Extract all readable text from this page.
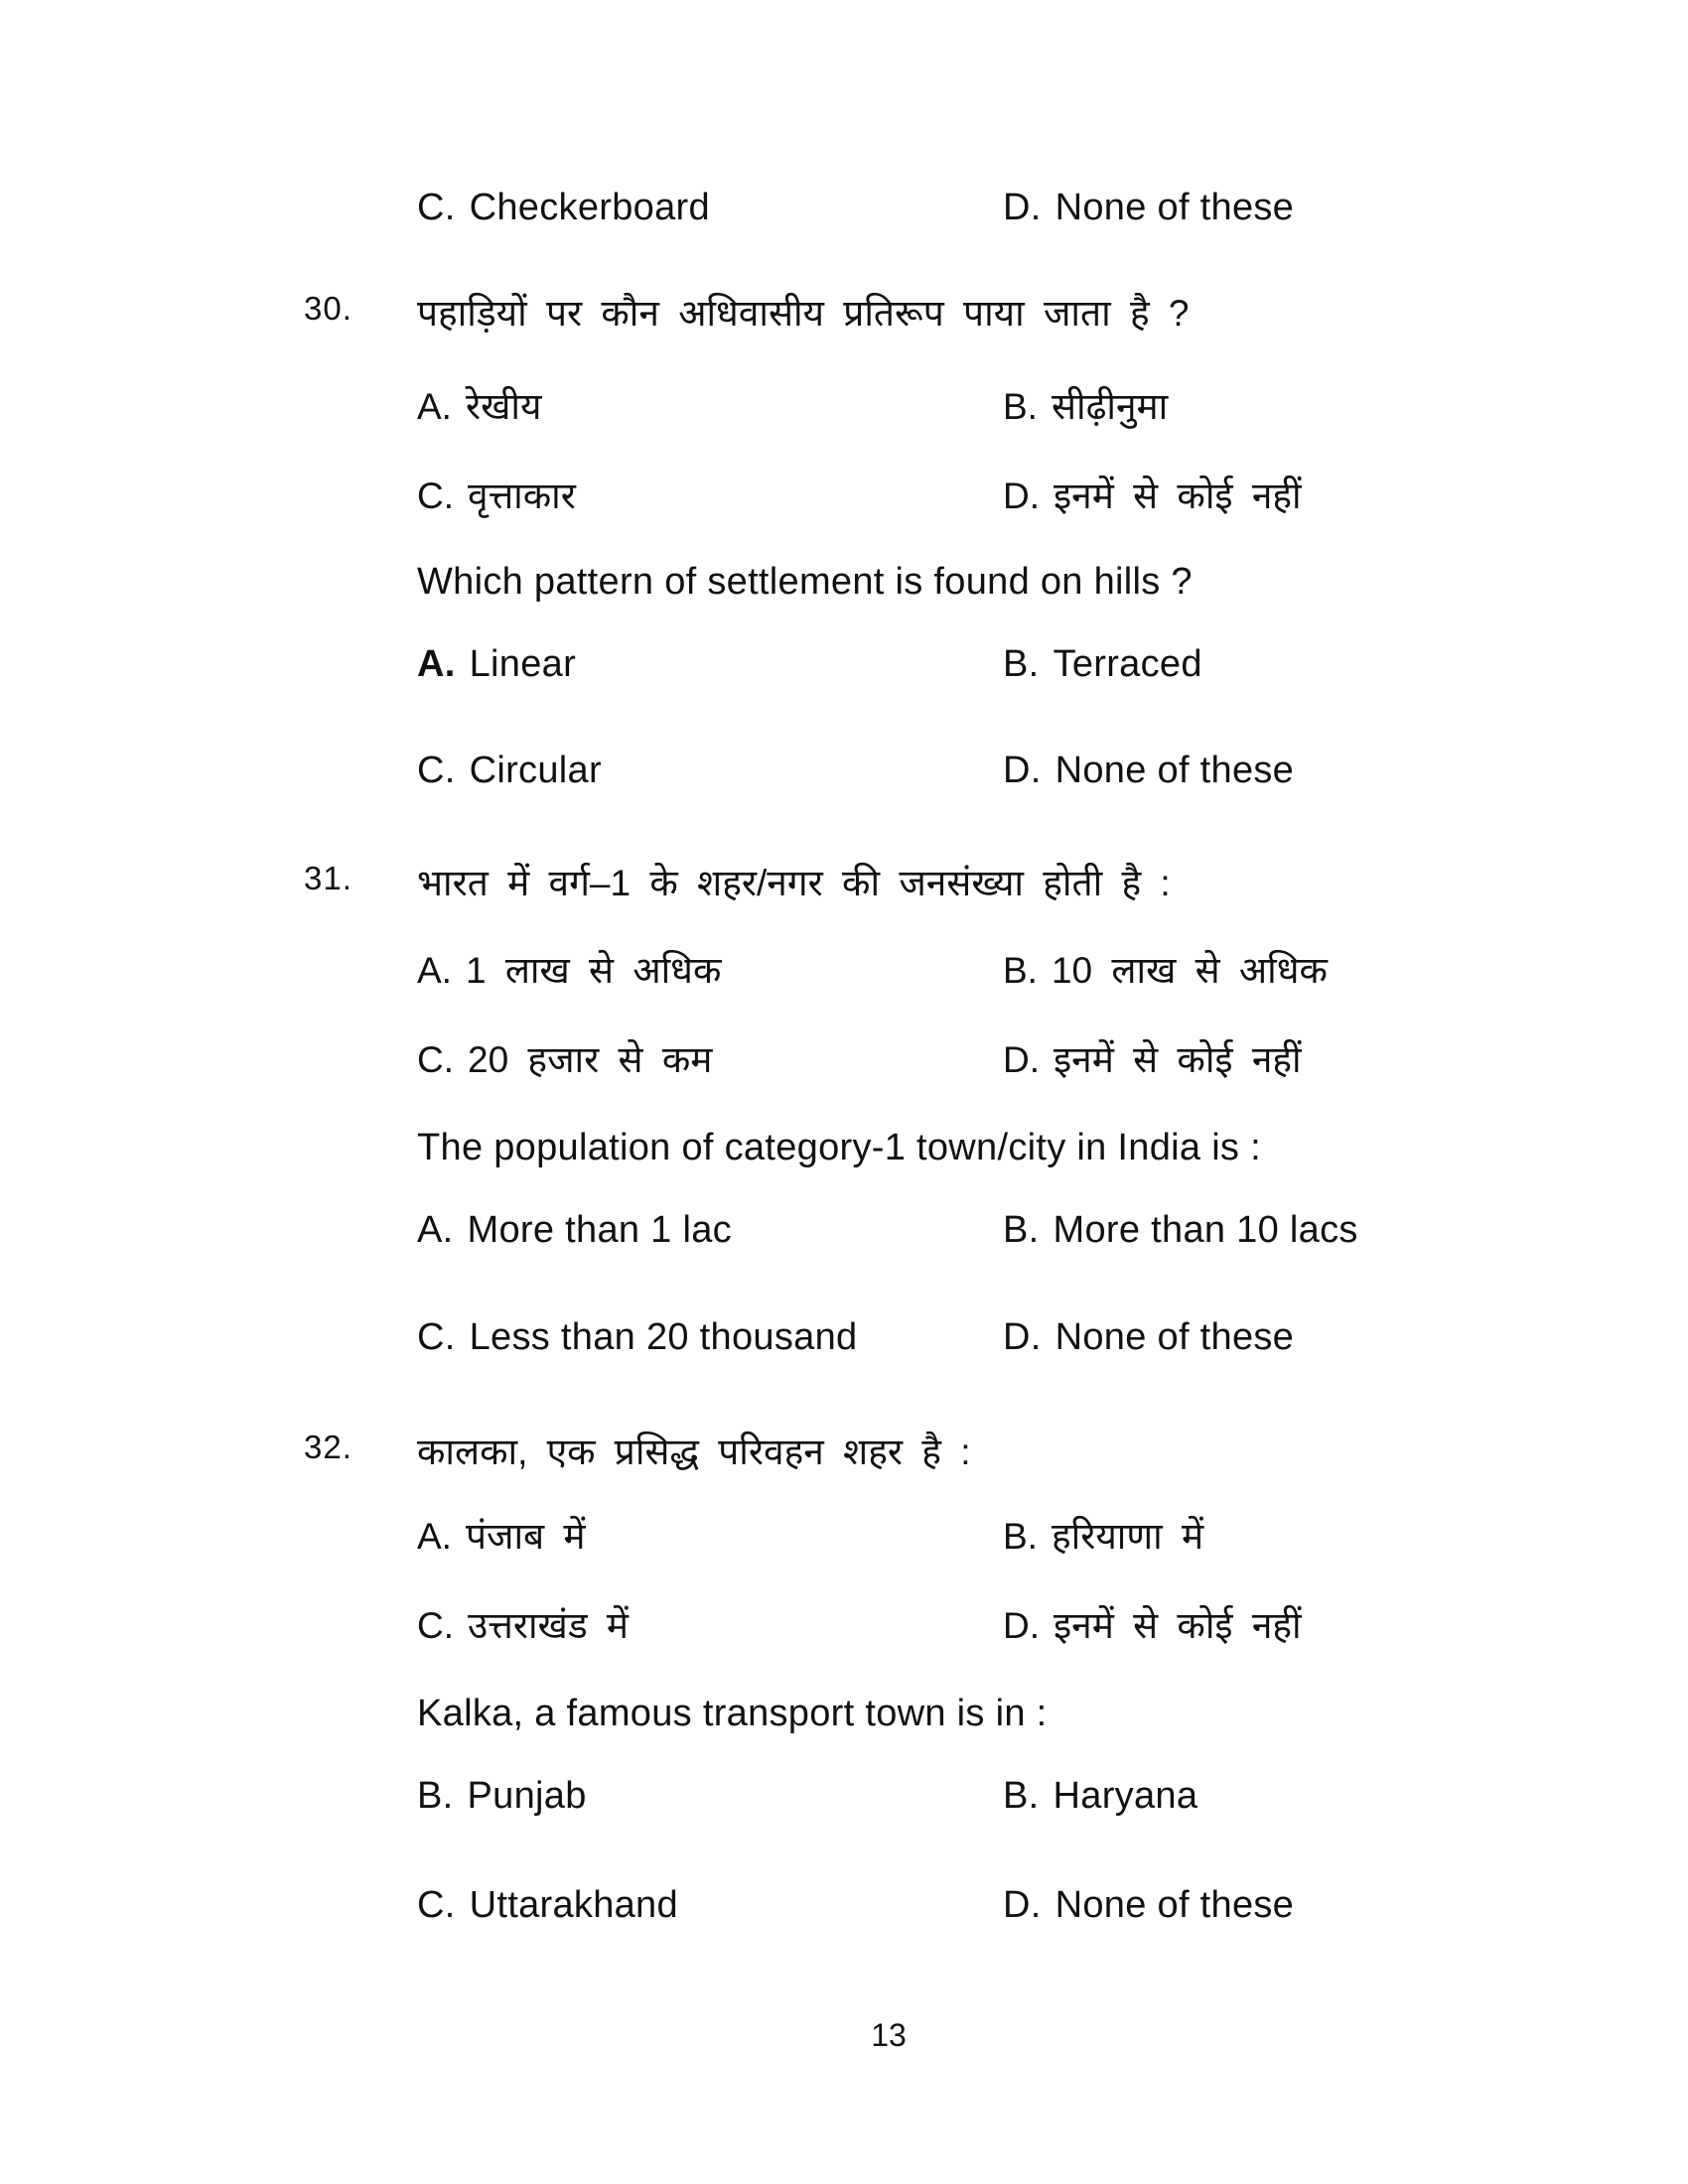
C. Checkerboard	D. None of these
30. पहाड़ियों पर कौन अधिवासीय प्रतिरूप पाया जाता है ?
A. रेखीय	B. सीढ़ीनुमा
C. वृत्ताकार	D. इनमें से कोई नहीं
Which pattern of settlement is found on hills ?
A. Linear	B. Terraced
C. Circular	D. None of these
31. भारत में वर्ग–1 के शहर/नगर की जनसंख्या होती है :
A. 1 लाख से अधिक	B. 10 लाख से अधिक
C. 20 हजार से कम	D. इनमें से कोई नहीं
The population of category-1 town/city in India is :
A. More than 1 lac	B. More than 10 lacs
C. Less than 20 thousand	D. None of these
32. कालका, एक प्रसिद्ध परिवहन शहर है :
A. पंजाब में	B. हरियाणा में
C. उत्तराखंड में	D. इनमें से कोई नहीं
Kalka, a famous transport town is in :
B. Punjab	B. Haryana
C. Uttarakhand	D. None of these
13
